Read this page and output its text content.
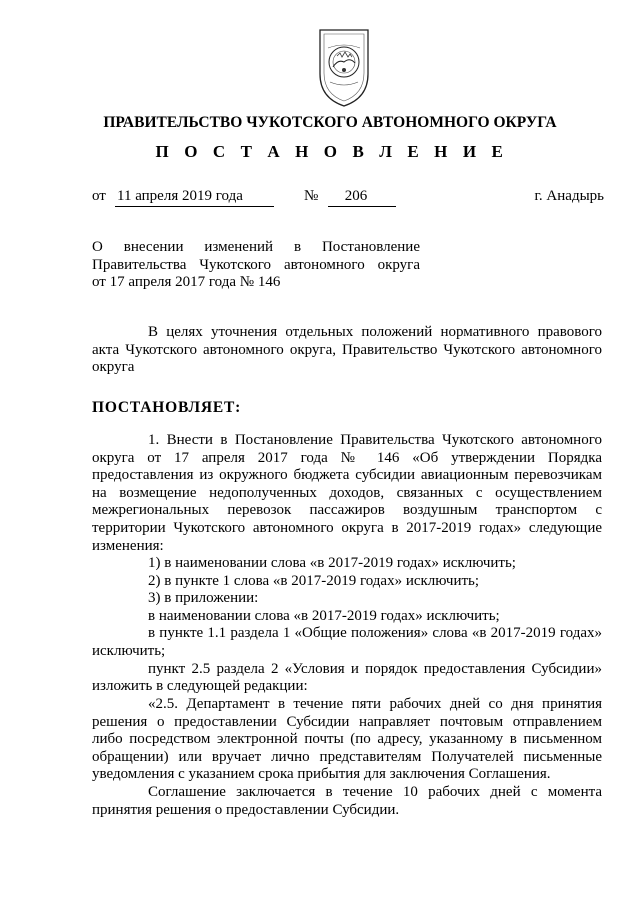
ПРАВИТЕЛЬСТВО ЧУКОТСКОГО АВТОНОМНОГО ОКРУГА
П О С Т А Н О В Л Е Н И Е
от 11 апреля 2019 года	№	206	г. Анадырь
О внесении изменений в Постановление
Правительства Чукотского автономного округа
от 17 апреля 2017 года № 146
В целях уточнения отдельных положений нормативного правового
акта Чукотского автономного округа, Правительство Чукотского автономного
округа
ПОСТАНОВЛЯЕТ:
1. Внести в Постановление Правительства Чукотского автономного
округа от 17 апреля 2017 года № 146 «Об утверждении Порядка
предоставления из окружного бюджета субсидии авиационным перевозчикам
на возмещение недополученных доходов, связанных с осуществлением
межрегиональных перевозок пассажиров воздушным транспортом с
территории Чукотского автономного округа в 2017-2019 годах» следующие
изменения:
1) в наименовании слова «в 2017-2019 годах» исключить;
2) в пункте 1 слова «в 2017-2019 годах» исключить;
3) в приложении:
в наименовании слова «в 2017-2019 годах» исключить;
в пункте 1.1 раздела 1 «Общие положения» слова «в 2017-2019 годах»
исключить;
пункт 2.5 раздела 2 «Условия и порядок предоставления Субсидии»
изложить в следующей редакции:
«2.5. Департамент в течение пяти рабочих дней со дня принятия
решения о предоставлении Субсидии направляет почтовым отправлением
либо посредством электронной почты (по адресу, указанному в письменном
обращении) или вручает лично представителям Получателей письменные
уведомления с указанием срока прибытия для заключения Соглашения.
Соглашение заключается в течение 10 рабочих дней с момента
принятия решения о предоставлении Субсидии.
